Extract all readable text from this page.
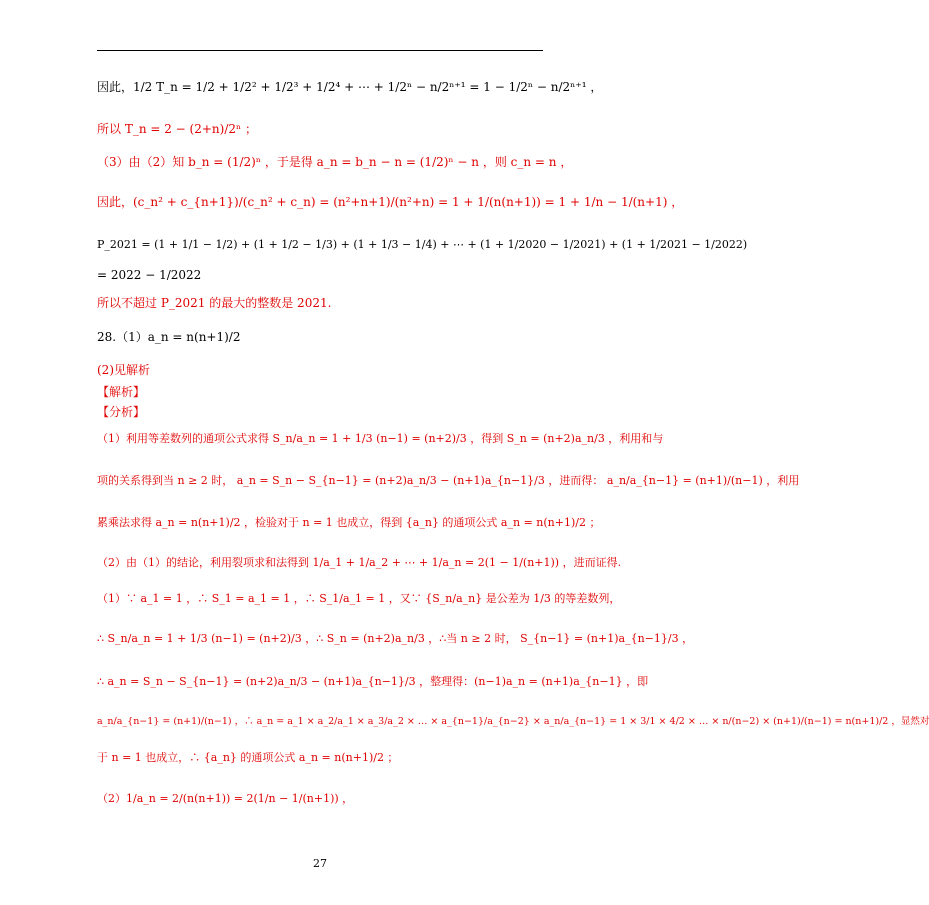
因此，1/2 T_n = 1/2 + 1/2² + 1/2³ + 1/2⁴ + ⋯ + 1/2ⁿ − n/2ⁿ⁺¹ = 1 − 1/2ⁿ − n/2ⁿ⁺¹ ，
所以 T_n = 2 − (2+n)/2ⁿ ；
（3）由（2）知 b_n = (1/2)ⁿ ，于是得 a_n = b_n − n = (1/2)ⁿ − n ，则 c_n = n ，
因此，(c_n² + c_{n+1})/(c_n² + c_n) = (n²+n+1)/(n²+n) = 1 + 1/(n(n+1)) = 1 + 1/n − 1/(n+1) ，
P_2021 = (1 + 1/1 − 1/2) + (1 + 1/2 − 1/3) + (1 + 1/3 − 1/4) + ⋯ + (1 + 1/2020 − 1/2021) + (1 + 1/2021 − 1/2022)
= 2022 − 1/2022
所以不超过 P_2021 的最大的整数是 2021.
28.（1）a_n = n(n+1)/2
(2)见解析
【解析】
【分析】
（1）利用等差数列的通项公式求得 S_n/a_n = 1 + 1/3 (n−1) = (n+2)/3 ，得到 S_n = (n+2)a_n/3 ，利用和与
项的关系得到当 n ≥ 2 时， a_n = S_n − S_{n−1} = (n+2)a_n/3 − (n+1)a_{n−1}/3 ，进而得： a_n/a_{n−1} = (n+1)/(n−1) ，利用
累乘法求得 a_n = n(n+1)/2 ，检验对于 n = 1 也成立，得到 {a_n} 的通项公式 a_n = n(n+1)/2 ；
（2）由（1）的结论，利用裂项求和法得到 1/a_1 + 1/a_2 + ⋯ + 1/a_n = 2(1 − 1/(n+1)) ，进而证得.
（1）∵ a_1 = 1 ，∴ S_1 = a_1 = 1 ，∴ S_1/a_1 = 1 ，又∵ {S_n/a_n} 是公差为 1/3 的等差数列，
∴ S_n/a_n = 1 + 1/3 (n−1) = (n+2)/3 ，∴ S_n = (n+2)a_n/3 ，∴当 n ≥ 2 时， S_{n−1} = (n+1)a_{n−1}/3 ，
∴ a_n = S_n − S_{n−1} = (n+2)a_n/3 − (n+1)a_{n−1}/3 ，整理得：(n−1)a_n = (n+1)a_{n−1} ，即
a_n/a_{n−1} = (n+1)/(n−1) ，∴ a_n = a_1 × a_2/a_1 × a_3/a_2 × … × a_{n−1}/a_{n−2} × a_n/a_{n−1} = 1 × 3/1 × 4/2 × … × n/(n−2) × (n+1)/(n−1) = n(n+1)/2 ，显然对
于 n = 1 也成立，∴ {a_n} 的通项公式 a_n = n(n+1)/2 ；
（2）1/a_n = 2/(n(n+1)) = 2(1/n − 1/(n+1)) ，
27
